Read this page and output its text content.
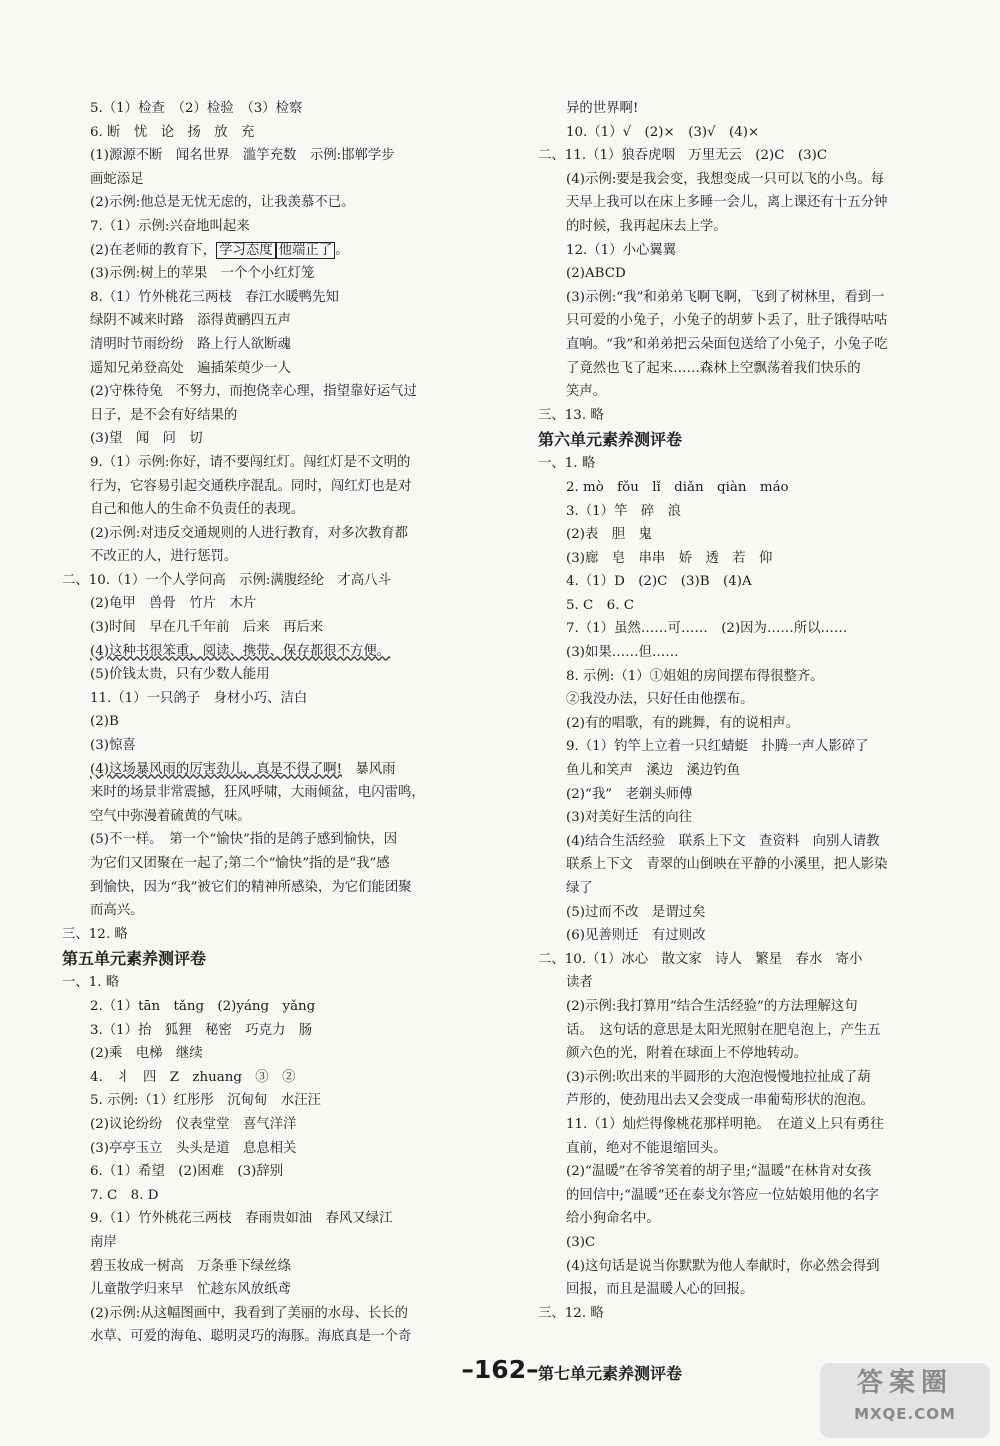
5.（1）检查　（2）检验　（3）检察
6. 断　忧　论　扬　放　充
(1)源源不断　闻名世界　滥竽充数　示例:邯郸学步
画蛇添足
(2)示例:他总是无忧无虑的，让我羡慕不已。
7.（1）示例:兴奋地叫起来
(2)在老师的教育下， 学习态度 他端正了 。
(3)示例:树上的苹果　一个个小红灯笼
8.（1）竹外桃花三两枝　春江水暖鸭先知
绿阴不减来时路　添得黄鹂四五声
清明时节雨纷纷　路上行人欲断魂
遥知兄弟登高处　遍插茱萸少一人
(2)守株待兔　不努力，而抱侥幸心理，指望靠好运气过
日子，是不会有好结果的
(3)望　闻　问　切
9.（1）示例:你好，请不要闯红灯。闯红灯是不文明的
行为，它容易引起交通秩序混乱。同时，闯红灯也是对
自己和他人的生命不负责任的表现。
(2)示例:对违反交通规则的人进行教育，对多次教育都
不改正的人，进行惩罚。
二、10.（1）一个人学问高　示例:满腹经纶　才高八斗
(2)龟甲　兽骨　竹片　木片
(3)时间　早在几千年前　后来　再后来
(4)这种书很笨重，阅读、携带、保存都很不方便。
(5)价钱太贵，只有少数人能用
11.（1）一只鸽子　身材小巧、洁白
(2)B
(3)惊喜
(4)这场暴风雨的厉害劲儿，真是不得了啊!　暴风雨
来时的场景非常震撼，狂风呼啸，大雨倾盆，电闪雷鸣，
空气中弥漫着硫黄的气味。
(5)不一样。　第一个“愉快”指的是鸽子感到愉快，因
为它们又团聚在一起了;第二个“愉快”指的是“我”感
到愉快，因为“我”被它们的精神所感染，为它们能团聚
而高兴。
三、12. 略
第五单元素养测评卷
一、1. 略
2.（1）tān　tǎng　(2)yáng　yǎng
3.（1）抬　狐狸　秘密　巧克力　肠
(2)乘　电梯　继续
4.　丬　四　Z　zhuang　③　②
5. 示例:（1）红彤彤　沉甸甸　水汪汪
(2)议论纷纷　仪表堂堂　喜气洋洋
(3)亭亭玉立　头头是道　息息相关
6.（1）希望　(2)困难　(3)辞别
7. C　8. D
9.（1）竹外桃花三两枝　春雨贵如油　春风又绿江
南岸
碧玉妆成一树高　万条垂下绿丝绦
儿童散学归来早　忙趁东风放纸鸢
(2)示例:从这幅图画中，我看到了美丽的水母、长长的
水草、可爱的海龟、聪明灵巧的海豚。海底真是一个奇
异的世界啊!
10.（1）√　(2)×　(3)√　(4)×
二、11.（1）狼吞虎咽　万里无云　(2)C　(3)C
(4)示例:要是我会变，我想变成一只可以飞的小鸟。每
天早上我可以在床上多睡一会儿，离上课还有十五分钟
的时候，我再起床去上学。
12.（1）小心翼翼
(2)ABCD
(3)示例:“我”和弟弟飞啊飞啊，飞到了树林里，看到一
只可爱的小兔子，小兔子的胡萝卜丢了，肚子饿得咕咕
直响。“我”和弟弟把云朵面包送给了小兔子，小兔子吃
了竟然也飞了起来……森林上空飘荡着我们快乐的
笑声。
三、13. 略
第六单元素养测评卷
一、1. 略
2. mò　fǒu　lǐ　diǎn　qiàn　máo
3.（1）竿　碎　浪
(2)表　胆　鬼
(3)廊　皂　串串　娇　透　若　仰
4.（1）D　(2)C　(3)B　(4)A
5. C　6. C
7.（1）虽然……可……　(2)因为……所以……
(3)如果……但……
8. 示例:（1）①姐姐的房间摆布得很整齐。
②我没办法，只好任由他摆布。
(2)有的唱歌，有的跳舞，有的说相声。
9.（1）钓竿上立着一只红蜻蜓　扑腾一声人影碎了
鱼儿和笑声　溪边　溪边钓鱼
(2)“我”　老剃头师傅
(3)对美好生活的向往
(4)结合生活经验　联系上下文　查资料　向别人请教
联系上下文　青翠的山倒映在平静的小溪里，把人影染
绿了
(5)过而不改　是谓过矣
(6)见善则迁　有过则改
二、10.（1）冰心　散文家　诗人　繁星　春水　寄小
读者
(2)示例:我打算用“结合生活经验”的方法理解这句
话。　这句话的意思是太阳光照射在肥皂泡上，产生五
颜六色的光，附着在球面上不停地转动。
(3)示例:吹出来的半圆形的大泡泡慢慢地拉扯成了葫
芦形的，使劲甩出去又会变成一串葡萄形状的泡泡。
11.（1）灿烂得像桃花那样明艳。　在道义上只有勇往
直前，绝对不能退缩回头。
(2)“温暖”在爷爷笑着的胡子里;“温暖”在林肯对女孩
的回信中;“温暖”还在泰戈尔答应一位姑娘用他的名字
给小狗命名中。
(3)C
(4)这句话是说当你默默为他人奉献时，你必然会得到
回报，而且是温暖人心的回报。
三、12. 略
第七单元素养测评卷
–162–	答案圈
MXQE.COM
